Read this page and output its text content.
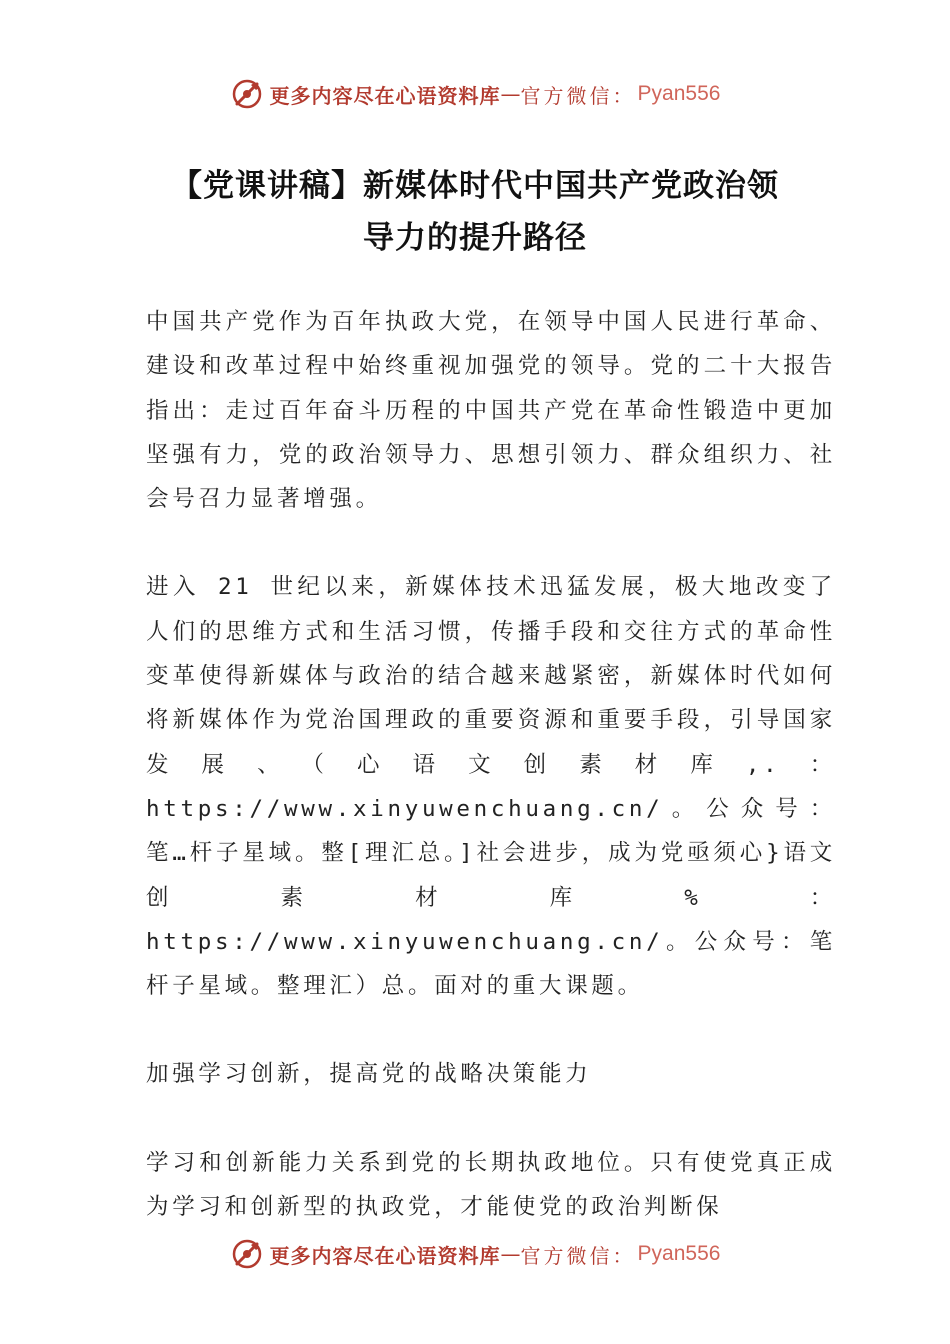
更多内容尽在心语资料库 — 官方微信： Pyan556
【党课讲稿】新媒体时代中国共产党政治领
导力的提升路径

中国共产党作为百年执政大党，在领导中国人民进行革命、建设和改革过程中始终重视加强党的领导。党的二十大报告指出：走过百年奋斗历程的中国共产党在革命性锻造中更加坚强有力，党的政治领导力、思想引领力、群众组织力、社会号召力显著增强。

进入 21 世纪以来，新媒体技术迅猛发展，极大地改变了人们的思维方式和生活习惯，传播手段和交往方式的革命性变革使得新媒体与政治的结合越来越紧密，新媒体时代如何将新媒体作为党治国理政的重要资源和重要手段，引导国家发展、（心语文创素材库,.：https://www.xinyuwenchuang.cn/。公众号：笔…杆子星域。整[理汇总。]社会进步，成为党亟须心}语文创素材库%：https://www.xinyuwenchuang.cn/。公众号：笔杆子星域。整理汇）总。面对的重大课题。

加强学习创新，提高党的战略决策能力

学习和创新能力关系到党的长期执政地位。只有使党真正成为学习和创新型的执政党，才能使党的政治判断保

更多内容尽在心语资料库 — 官方微信： Pyan556
